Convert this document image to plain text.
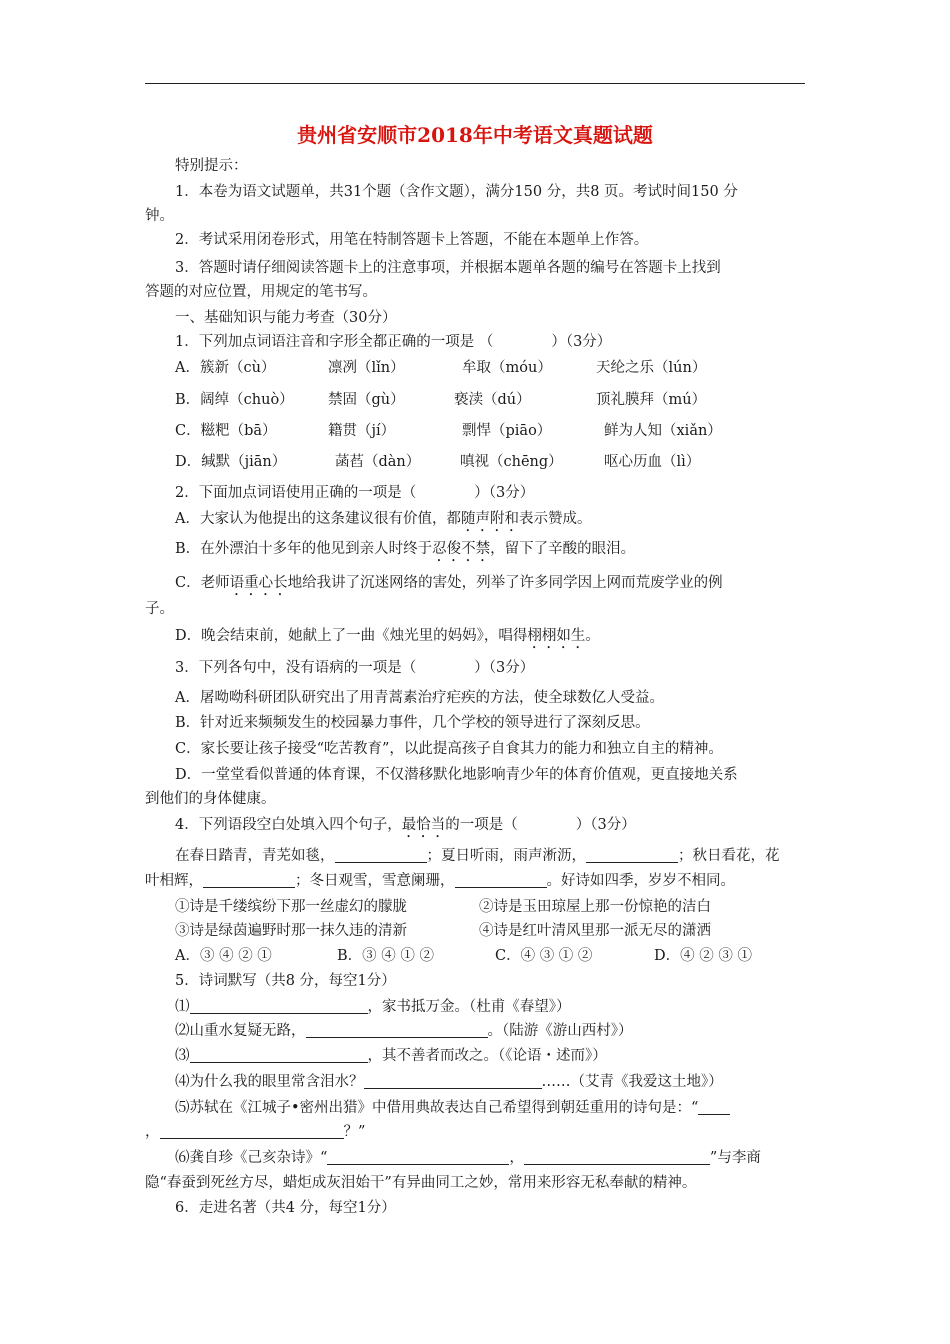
贵州省安顺市2018年中考语文真题试题
特别提示：
1．本卷为语文试题单，共31个题（含作文题），满分150 分，共8 页。考试时间150 分
钟。
2．考试采用闭卷形式，用笔在特制答题卡上答题，不能在本题单上作答。
3．答题时请仔细阅读答题卡上的注意事项，并根据本题单各题的编号在答题卡上找到
答题的对应位置，用规定的笔书写。
一、基础知识与能力考查（30分）
1．下列加点词语注音和字形全都正确的一项是 （　　　　）（3分）
A．簇新（cù）	凛冽（lǐn）	牟取（móu）	天纶之乐（lún）
B．阔绰（chuò） 禁固（gù）	亵渎（dú）	顶礼膜拜（mú）
C．糍粑（bā）	籍贯（jí）	剽悍（piāo）	鲜为人知（xiǎn）
D．缄默（jiān）	菡萏（dàn）	嗔视（chēng）	呕心历血（lì）
2．下面加点词语使用正确的一项是（　　　　）（3分）
A．大家认为他提出的这条建议很有价值，都随声附和表示赞成。
B．在外漂泊十多年的他见到亲人时终于忍俊不禁，留下了辛酸的眼泪。
C．老师语重心长地给我讲了沉迷网络的害处，列举了许多同学因上网而荒废学业的例
子。
D．晚会结束前，她献上了一曲《烛光里的妈妈》，唱得栩栩如生。
3．下列各句中，没有语病的一项是（　　　　）（3分）
A．屠呦呦科研团队研究出了用青蒿素治疗疟疾的方法，使全球数亿人受益。
B．针对近来频频发生的校园暴力事件，几个学校的领导进行了深刻反思。
C．家长要让孩子接受“吃苦教育”，以此提高孩子自食其力的能力和独立自主的精神。
D．一堂堂看似普通的体育课，不仅潜移默化地影响青少年的体育价值观，更直接地关系
到他们的身体健康。
4．下列语段空白处填入四个句子，最恰当的一项是（　　　　）（3分）
在春日踏青，青芜如毯，	；夏日听雨，雨声淅沥，	；秋日看花，花
叶相辉，	；冬日观雪，雪意阑珊，	。好诗如四季，岁岁不相同。
①诗是千缕缤纷下那一丝虚幻的朦胧	②诗是玉田琼屋上那一份惊艳的洁白
③诗是绿茵遍野时那一抹久违的清新	④诗是红叶清风里那一派无尽的潇洒
A．③ ④ ② ①	B．③ ④ ① ②	C．④ ③ ① ②	D．④ ② ③ ①
5．诗词默写（共8 分，每空1分）
⑴	，家书抵万金。（杜甫《春望》）
⑵山重水复疑无路，	。（陆游《游山西村》）
⑶	，其不善者而改之。（《论语・述而》）
⑷为什么我的眼里常含泪水？	……（艾青《我爱这土地》）
⑸苏轼在《江城子•密州出猎》中借用典故表达自己希望得到朝廷重用的诗句是：“
，	？”
⑹龚自珍《己亥杂诗》“	，	”与李商
隐“春蚕到死丝方尽，蜡炬成灰泪始干”有异曲同工之妙，常用来形容无私奉献的精神。
6．走进名著（共4 分，每空1分）
